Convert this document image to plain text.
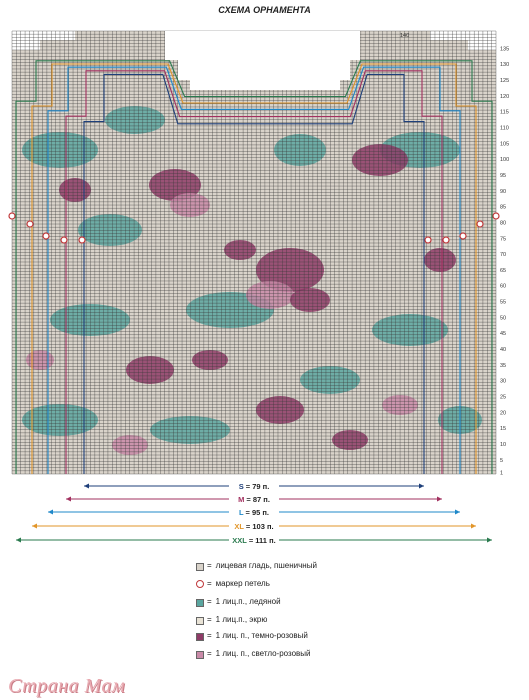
СХЕМА ОРНАМЕНТА
1
5
10
15
20
25
30
35
40
45
50
55
60
65
70
75
80
85
90
95
100
105
110
115
120
125
130
135
140
S = 79 п.
M = 87 п.
L = 95 п.
XL = 103 п.
XXL = 111 п.
= лицевая гладь, пшеничный
= маркер петель
= 1 лиц.п., ледяной
= 1 лиц.п., экрю
= 1 лиц. п., темно-розовый
= 1 лиц. п., светло-розовый
Страна Мам
